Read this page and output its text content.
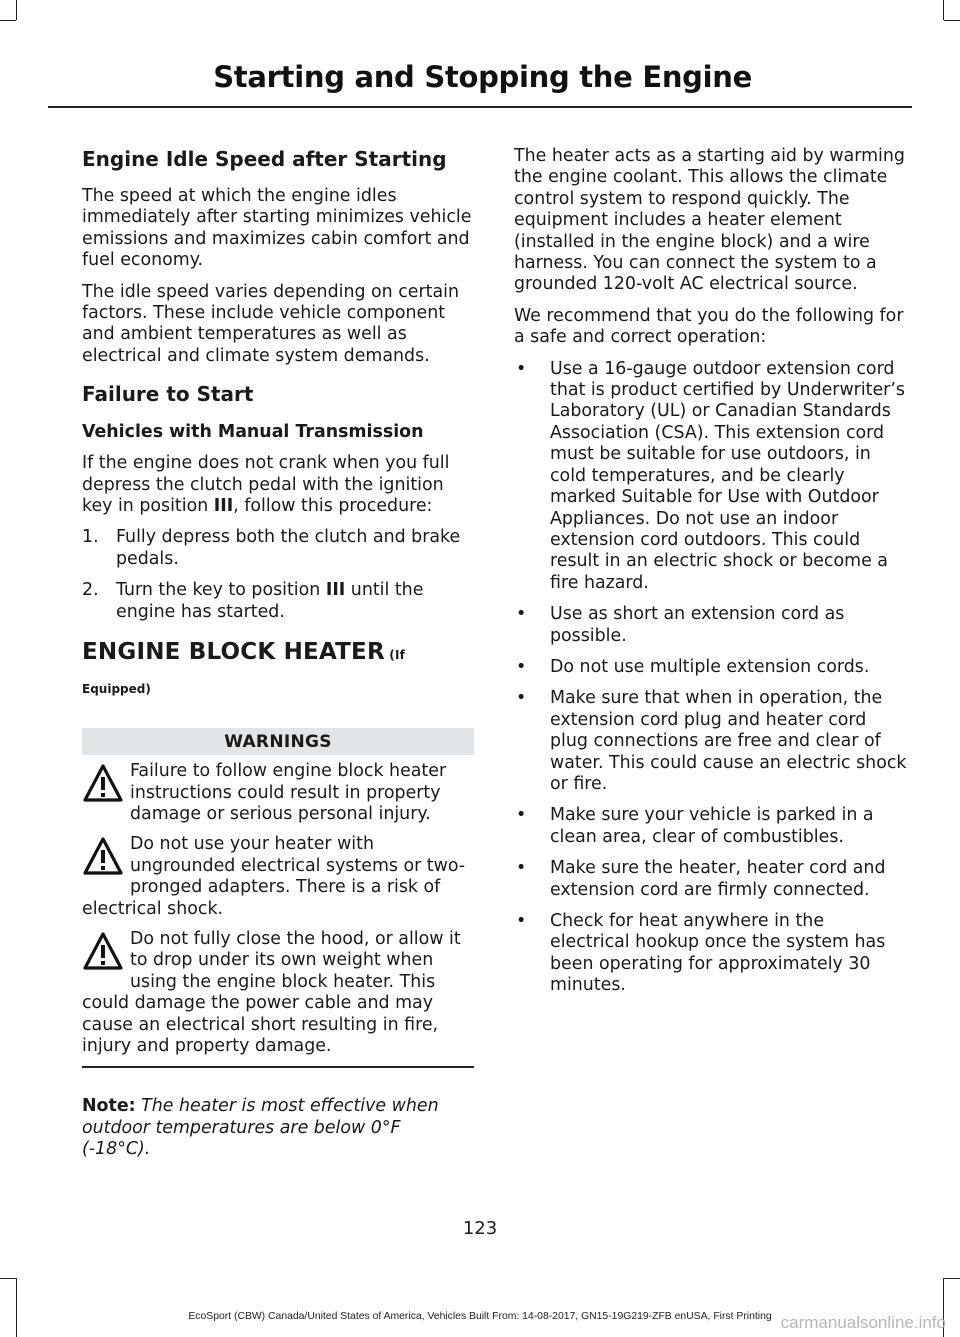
Starting and Stopping the Engine
Engine Idle Speed after Starting

The speed at which the engine idles immediately after starting minimizes vehicle emissions and maximizes cabin comfort and fuel economy.

The idle speed varies depending on certain factors. These include vehicle component and ambient temperatures as well as electrical and climate system demands.

Failure to Start
Vehicles with Manual Transmission

If the engine does not crank when you full depress the clutch pedal with the ignition key in position III, follow this procedure:

1.	Fully depress both the clutch and brake pedals.
2.	Turn the key to position III until the engine has started.
ENGINE BLOCK HEATER (If
Equipped)
WARNINGS
Failure to follow engine block heater instructions could result in property damage or serious personal injury.
Do not use your heater with ungrounded electrical systems or two-pronged adapters. There is a risk of electrical shock.
Do not fully close the hood, or allow it to drop under its own weight when using the engine block heater. This could damage the power cable and may cause an electrical short resulting in fire, injury and property damage.

Note: The heater is most effective when outdoor temperatures are below 0°F (-18°C).

The heater acts as a starting aid by warming the engine coolant. This allows the climate control system to respond quickly. The equipment includes a heater element (installed in the engine block) and a wire harness. You can connect the system to a grounded 120-volt AC electrical source.

We recommend that you do the following for a safe and correct operation:

•	Use a 16-gauge outdoor extension cord that is product certified by Underwriter’s Laboratory (UL) or Canadian Standards Association (CSA). This extension cord must be suitable for use outdoors, in cold temperatures, and be clearly marked Suitable for Use with Outdoor Appliances. Do not use an indoor extension cord outdoors. This could result in an electric shock or become a fire hazard.
•	Use as short an extension cord as possible.
•	Do not use multiple extension cords.
•	Make sure that when in operation, the extension cord plug and heater cord plug connections are free and clear of water. This could cause an electric shock or fire.
•	Make sure your vehicle is parked in a clean area, clear of combustibles.
•	Make sure the heater, heater cord and extension cord are firmly connected.
•	Check for heat anywhere in the electrical hookup once the system has been operating for approximately 30 minutes.
123
EcoSport (CBW) Canada/United States of America, Vehicles Built From: 14-08-2017, GN15-19G219-ZFB enUSA, First Printing carmanualsonline.info
